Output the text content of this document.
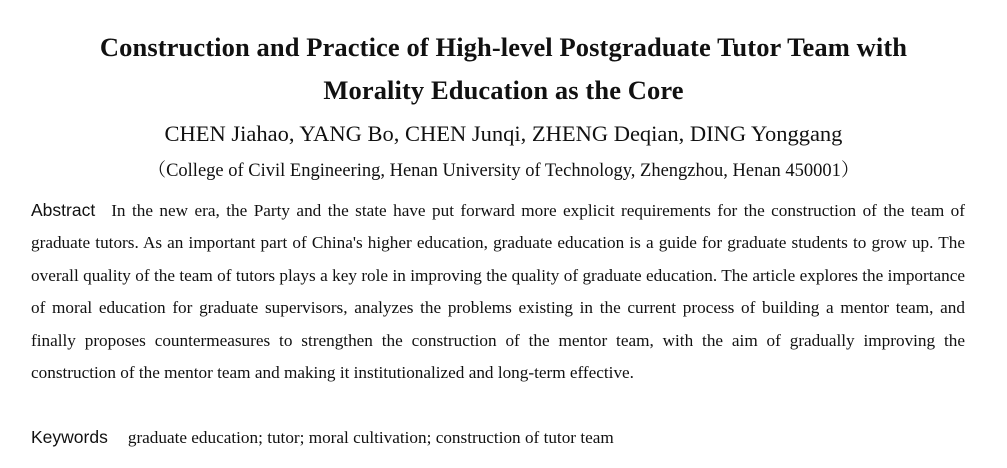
Construction and Practice of High-level Postgraduate Tutor Team with
Morality Education as the Core
CHEN Jiahao, YANG Bo, CHEN Junqi, ZHENG Deqian, DING Yonggang
（College of Civil Engineering, Henan University of Technology, Zhengzhou, Henan 450001）

Abstract In the new era, the Party and the state have put forward more explicit requirements for the construction of the team of graduate tutors. As an important part of China's higher education, graduate education is a guide for graduate students to grow up. The overall quality of the team of tutors plays a key role in improving the quality of graduate education. The article explores the importance of moral education for graduate supervisors, analyzes the problems existing in the current process of building a mentor team, and finally proposes countermeasures to strengthen the construction of the mentor team, with the aim of gradually improving the construction of the mentor team and making it institutionalized and long-term effective.

Keywords graduate education; tutor; moral cultivation; construction of tutor team
